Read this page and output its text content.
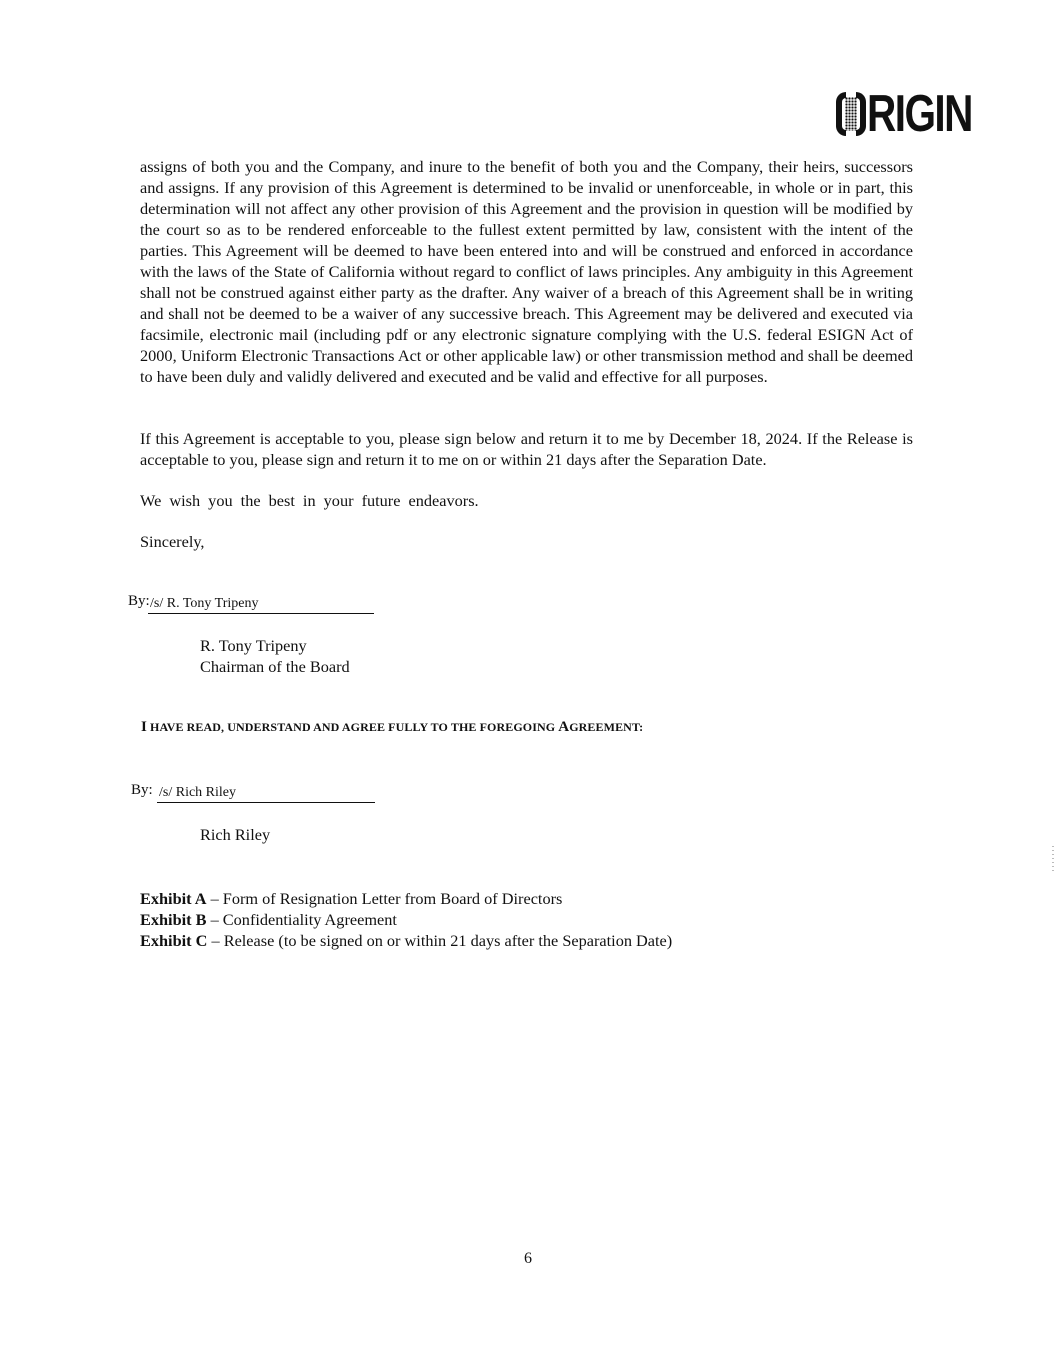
RIGIN

assigns of both you and the Company, and inure to the benefit of both you and the Company, their heirs, successors and assigns. If any provision of this Agreement is determined to be invalid or unenforceable, in whole or in part, this determination will not affect any other provision of this Agreement and the provision in question will be modified by the court so as to be rendered enforceable to the fullest extent permitted by law, consistent with the intent of the parties. This Agreement will be deemed to have been entered into and will be construed and enforced in accordance with the laws of the State of California without regard to conflict of laws principles. Any ambiguity in this Agreement shall not be construed against either party as the drafter. Any waiver of a breach of this Agreement shall be in writing and shall not be deemed to be a waiver of any successive breach. This Agreement may be delivered and executed via facsimile, electronic mail (including pdf or any electronic signature complying with the U.S. federal ESIGN Act of 2000, Uniform Electronic Transactions Act or other applicable law) or other transmission method and shall be deemed to have been duly and validly delivered and executed and be valid and effective for all purposes.

If this Agreement is acceptable to you, please sign below and return it to me by December 18, 2024. If the Release is acceptable to you, please sign and return it to me on or within 21 days after the Separation Date.

We wish you the best in your future endeavors.

Sincerely,

By: /s/ R. Tony Tripeny
R. Tony Tripeny
Chairman of the Board
I HAVE READ, UNDERSTAND AND AGREE FULLY TO THE FOREGOING AGREEMENT:
By: /s/ Rich Riley
Rich Riley
Exhibit A – Form of Resignation Letter from Board of Directors
Exhibit B – Confidentiality Agreement
Exhibit C – Release (to be signed on or within 21 days after the Separation Date)
6
